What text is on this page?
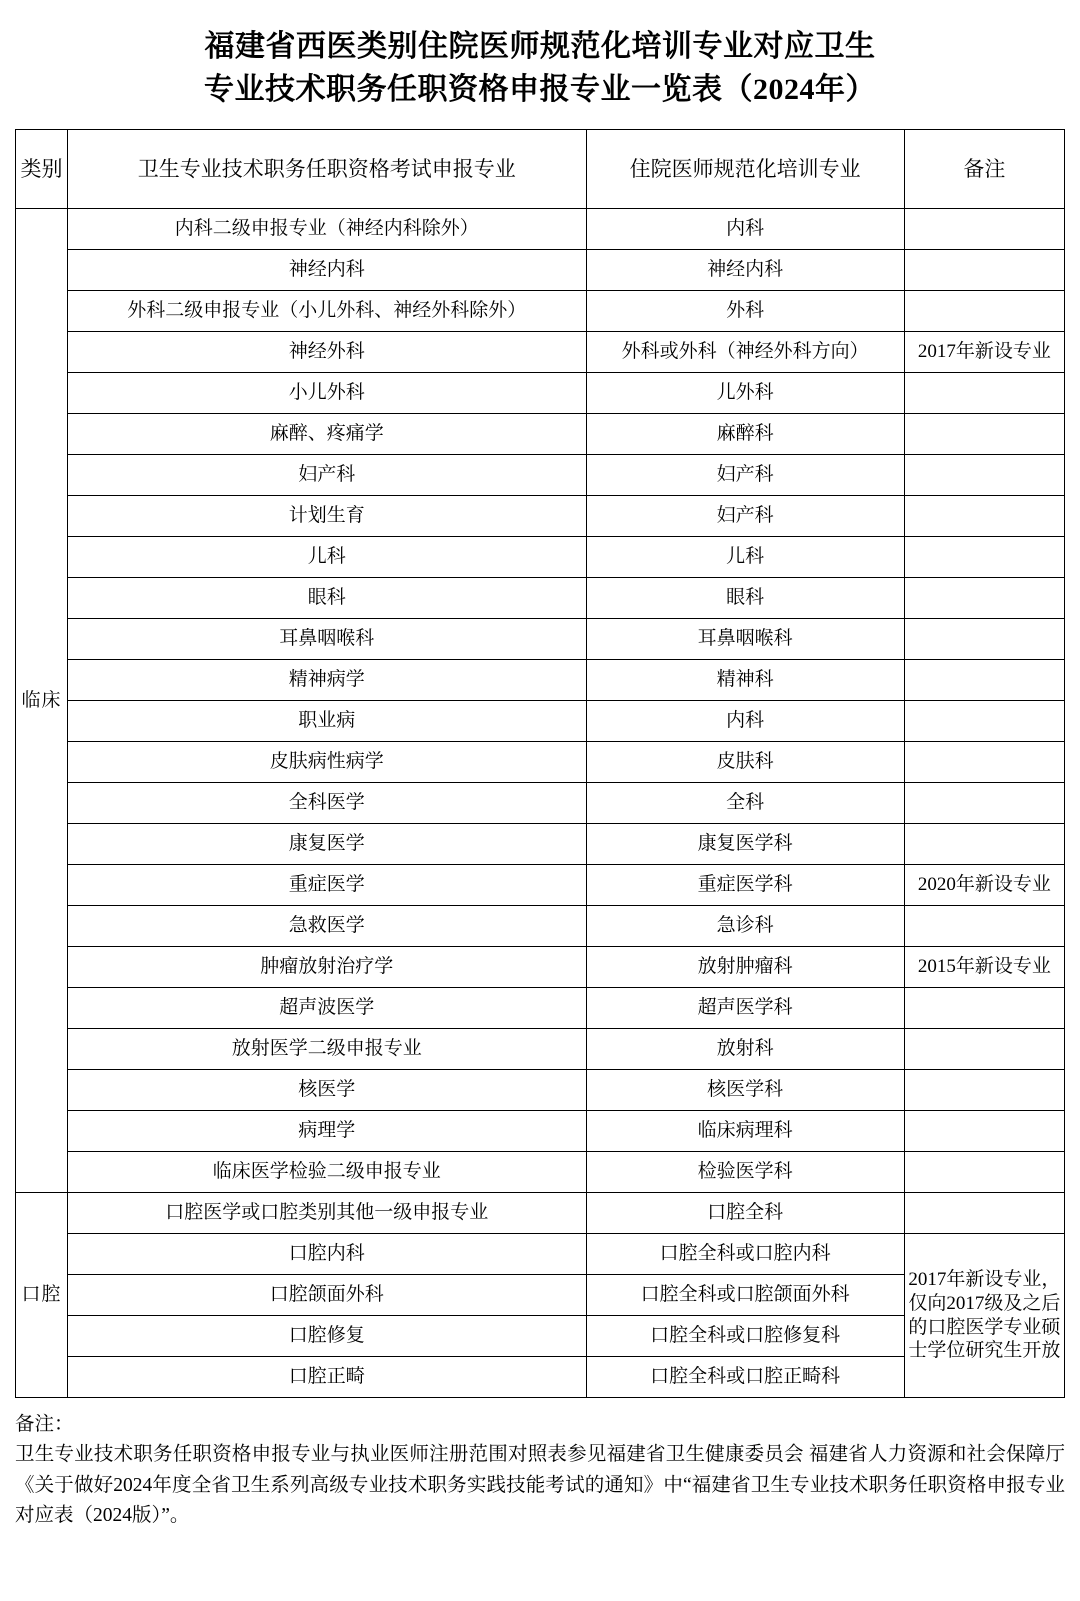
福建省西医类别住院医师规范化培训专业对应卫生
专业技术职务任职资格申报专业一览表（2024年）
类别	卫生专业技术职务任职资格考试申报专业	住院医师规范化培训专业	备注
临床	内科二级申报专业（神经内科除外）	内科	
	神经内科	神经内科	
	外科二级申报专业（小儿外科、神经外科除外）	外科	
	神经外科	外科或外科（神经外科方向）	2017年新设专业
	小儿外科	儿外科	
	麻醉、疼痛学	麻醉科	
	妇产科	妇产科	
	计划生育	妇产科	
	儿科	儿科	
	眼科	眼科	
	耳鼻咽喉科	耳鼻咽喉科	
	精神病学	精神科	
	职业病	内科	
	皮肤病性病学	皮肤科	
	全科医学	全科	
	康复医学	康复医学科	
	重症医学	重症医学科	2020年新设专业
	急救医学	急诊科	
	肿瘤放射治疗学	放射肿瘤科	2015年新设专业
	超声波医学	超声医学科	
	放射医学二级申报专业	放射科	
	核医学	核医学科	
	病理学	临床病理科	
	临床医学检验二级申报专业	检验医学科	
口腔	口腔医学或口腔类别其他一级申报专业	口腔全科	
	口腔内科	口腔全科或口腔内科	2017年新设专业，仅向2017级及之后的口腔医学专业硕士学位研究生开放
	口腔颌面外科	口腔全科或口腔颌面外科	
	口腔修复	口腔全科或口腔修复科	
	口腔正畸	口腔全科或口腔正畸科	

备注：

卫生专业技术职务任职资格申报专业与执业医师注册范围对照表参见福建省卫生健康委员会 福建省人力资源和社会保障厅《关于做好2024年度全省卫生系列高级专业技术职务实践技能考试的通知》中“福建省卫生专业技术职务任职资格申报专业对应表（2024版）”。
